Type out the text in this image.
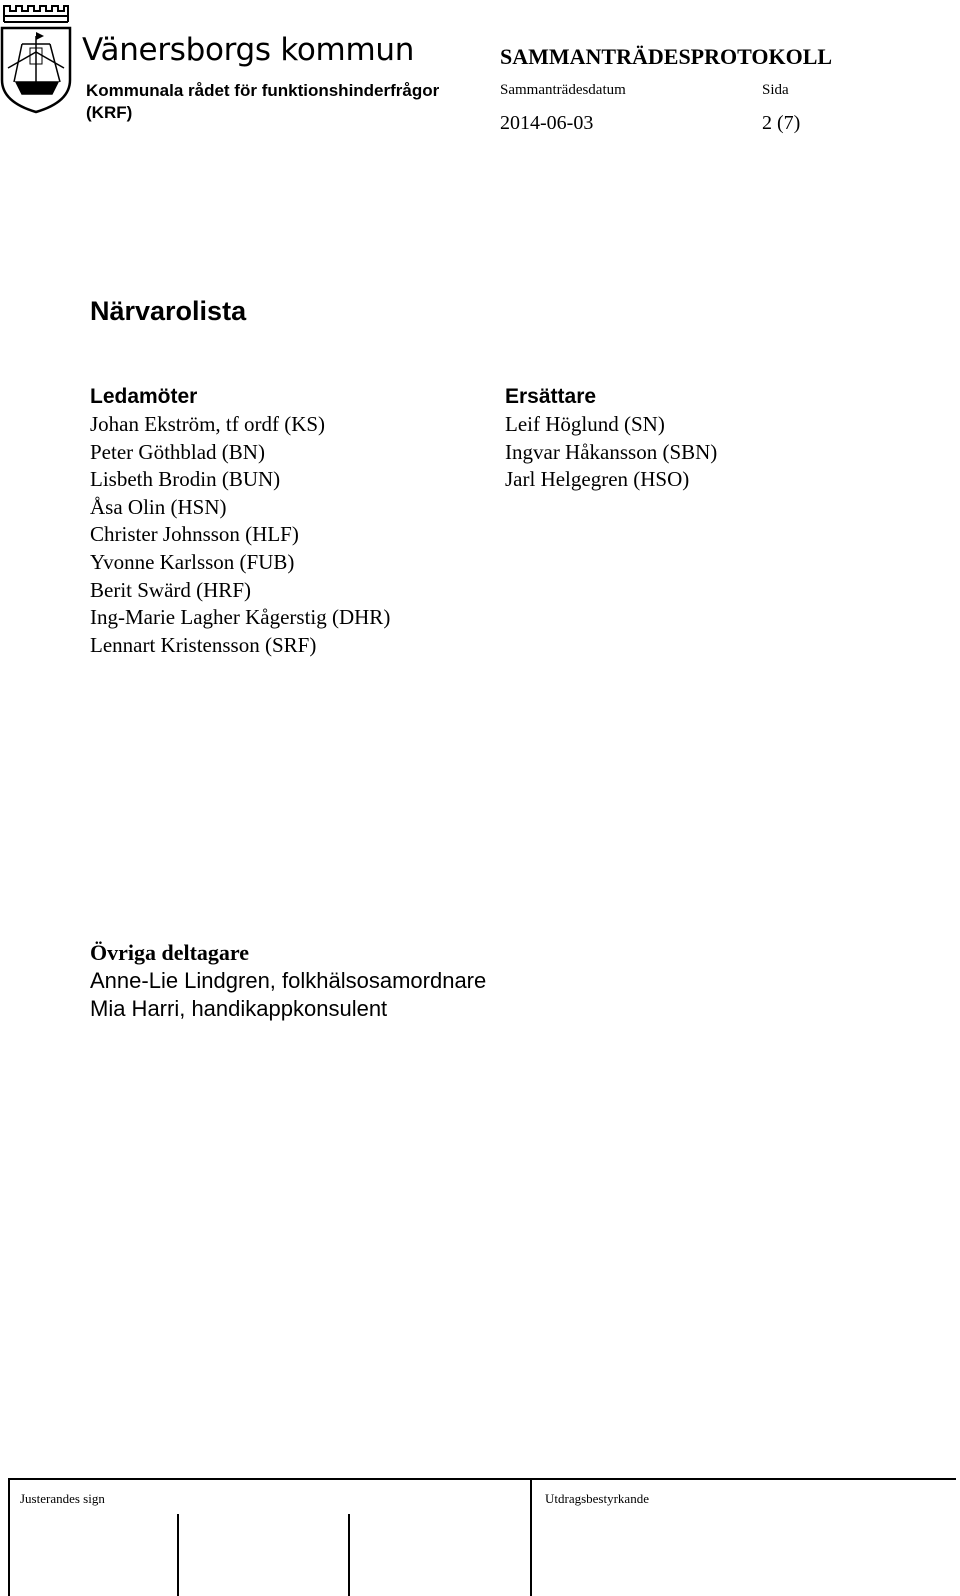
Vänersborgs kommun
Kommunala rådet för funktionshinderfrågor (KRF)
SAMMANTRÄDESPROTOKOLL
Sammanträdesdatum	Sida
2014-06-03	2 (7)
Närvarolista
Ledamöter
Johan Ekström, tf ordf (KS)
Peter Göthblad (BN)
Lisbeth Brodin (BUN)
Åsa Olin (HSN)
Christer Johnsson (HLF)
Yvonne Karlsson (FUB)
Berit Swärd (HRF)
Ing-Marie Lagher Kågerstig (DHR)
Lennart Kristensson (SRF)
Ersättare
Leif Höglund (SN)
Ingvar Håkansson (SBN)
Jarl Helgegren (HSO)
Övriga deltagare
Anne-Lie Lindgren, folkhälsosamordnare
Mia Harri, handikappkonsulent
Justerandes sign	Utdragsbestyrkande
